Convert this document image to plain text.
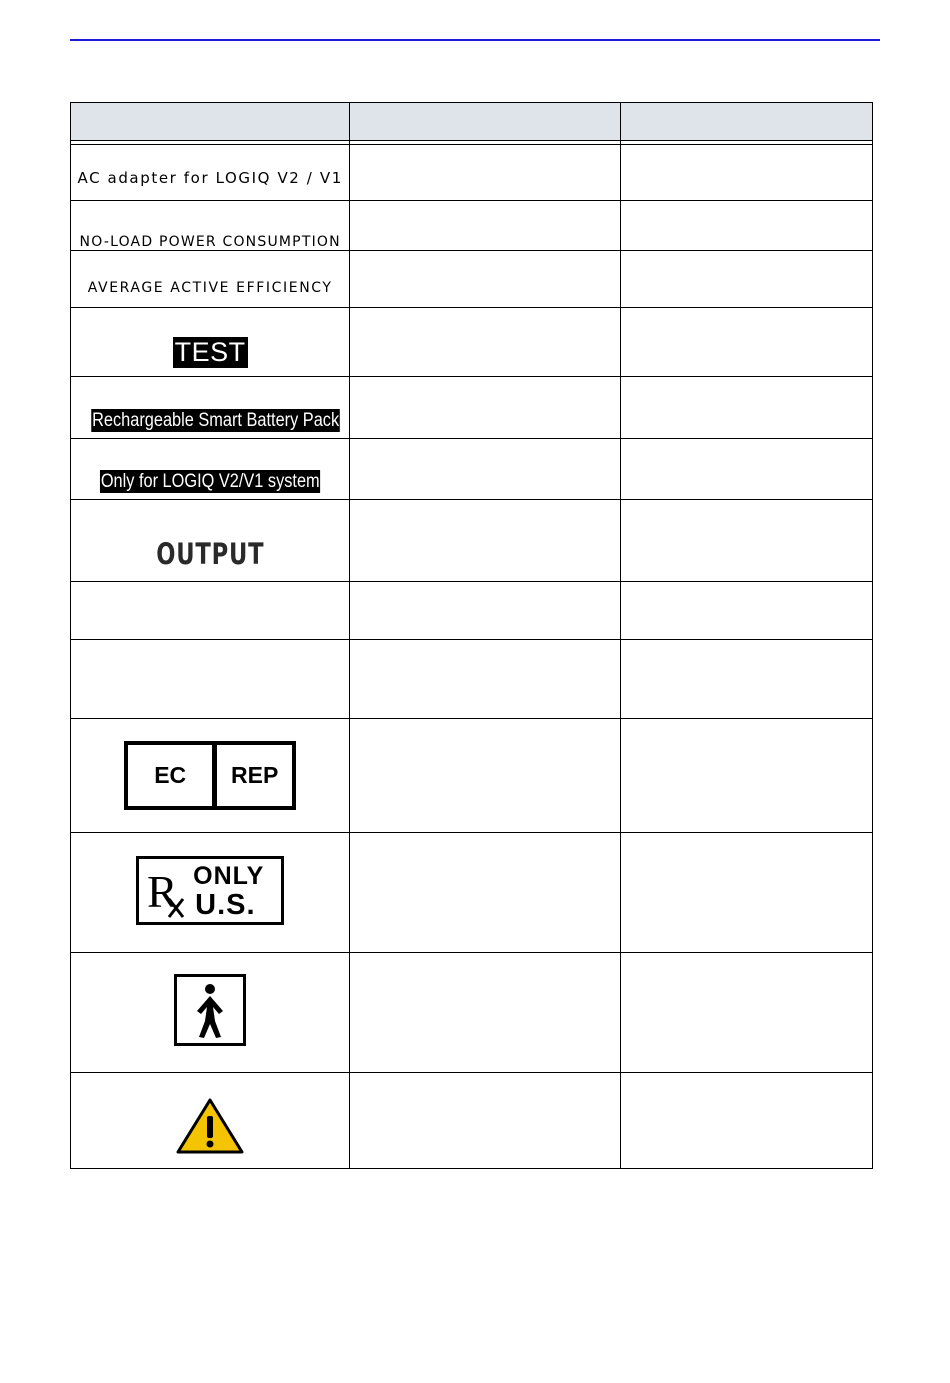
AC adapter for LOGIQ V2 / V1		
NO-LOAD POWER CONSUMPTION		
AVERAGE ACTIVE EFFICIENCY		
TEST		
Rechargeable Smart Battery Pack		
Only for LOGIQ V2/V1 system		
OUTPUT		

EC REP		

R ONLY
U.S.		
